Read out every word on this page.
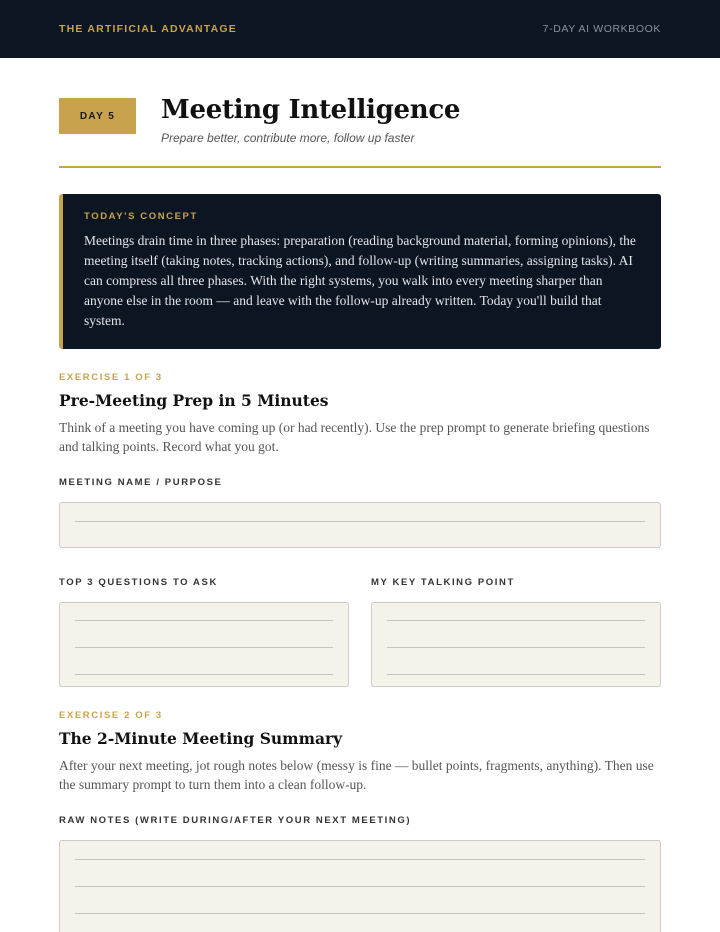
THE ARTIFICIAL ADVANTAGE	7-DAY AI WORKBOOK
DAY 5	Meeting Intelligence
Prepare better, contribute more, follow up faster
TODAY'S CONCEPT
Meetings drain time in three phases: preparation (reading background material, forming opinions), the meeting itself (taking notes, tracking actions), and follow-up (writing summaries, assigning tasks). AI can compress all three phases. With the right systems, you walk into every meeting sharper than anyone else in the room — and leave with the follow-up already written. Today you'll build that system.
EXERCISE 1 OF 3
Pre-Meeting Prep in 5 Minutes
Think of a meeting you have coming up (or had recently). Use the prep prompt to generate briefing questions and talking points. Record what you got.
MEETING NAME / PURPOSE
TOP 3 QUESTIONS TO ASK	MY KEY TALKING POINT
EXERCISE 2 OF 3
The 2-Minute Meeting Summary
After your next meeting, jot rough notes below (messy is fine — bullet points, fragments, anything). Then use the summary prompt to turn them into a clean follow-up.
RAW NOTES (WRITE DURING/AFTER YOUR NEXT MEETING)
